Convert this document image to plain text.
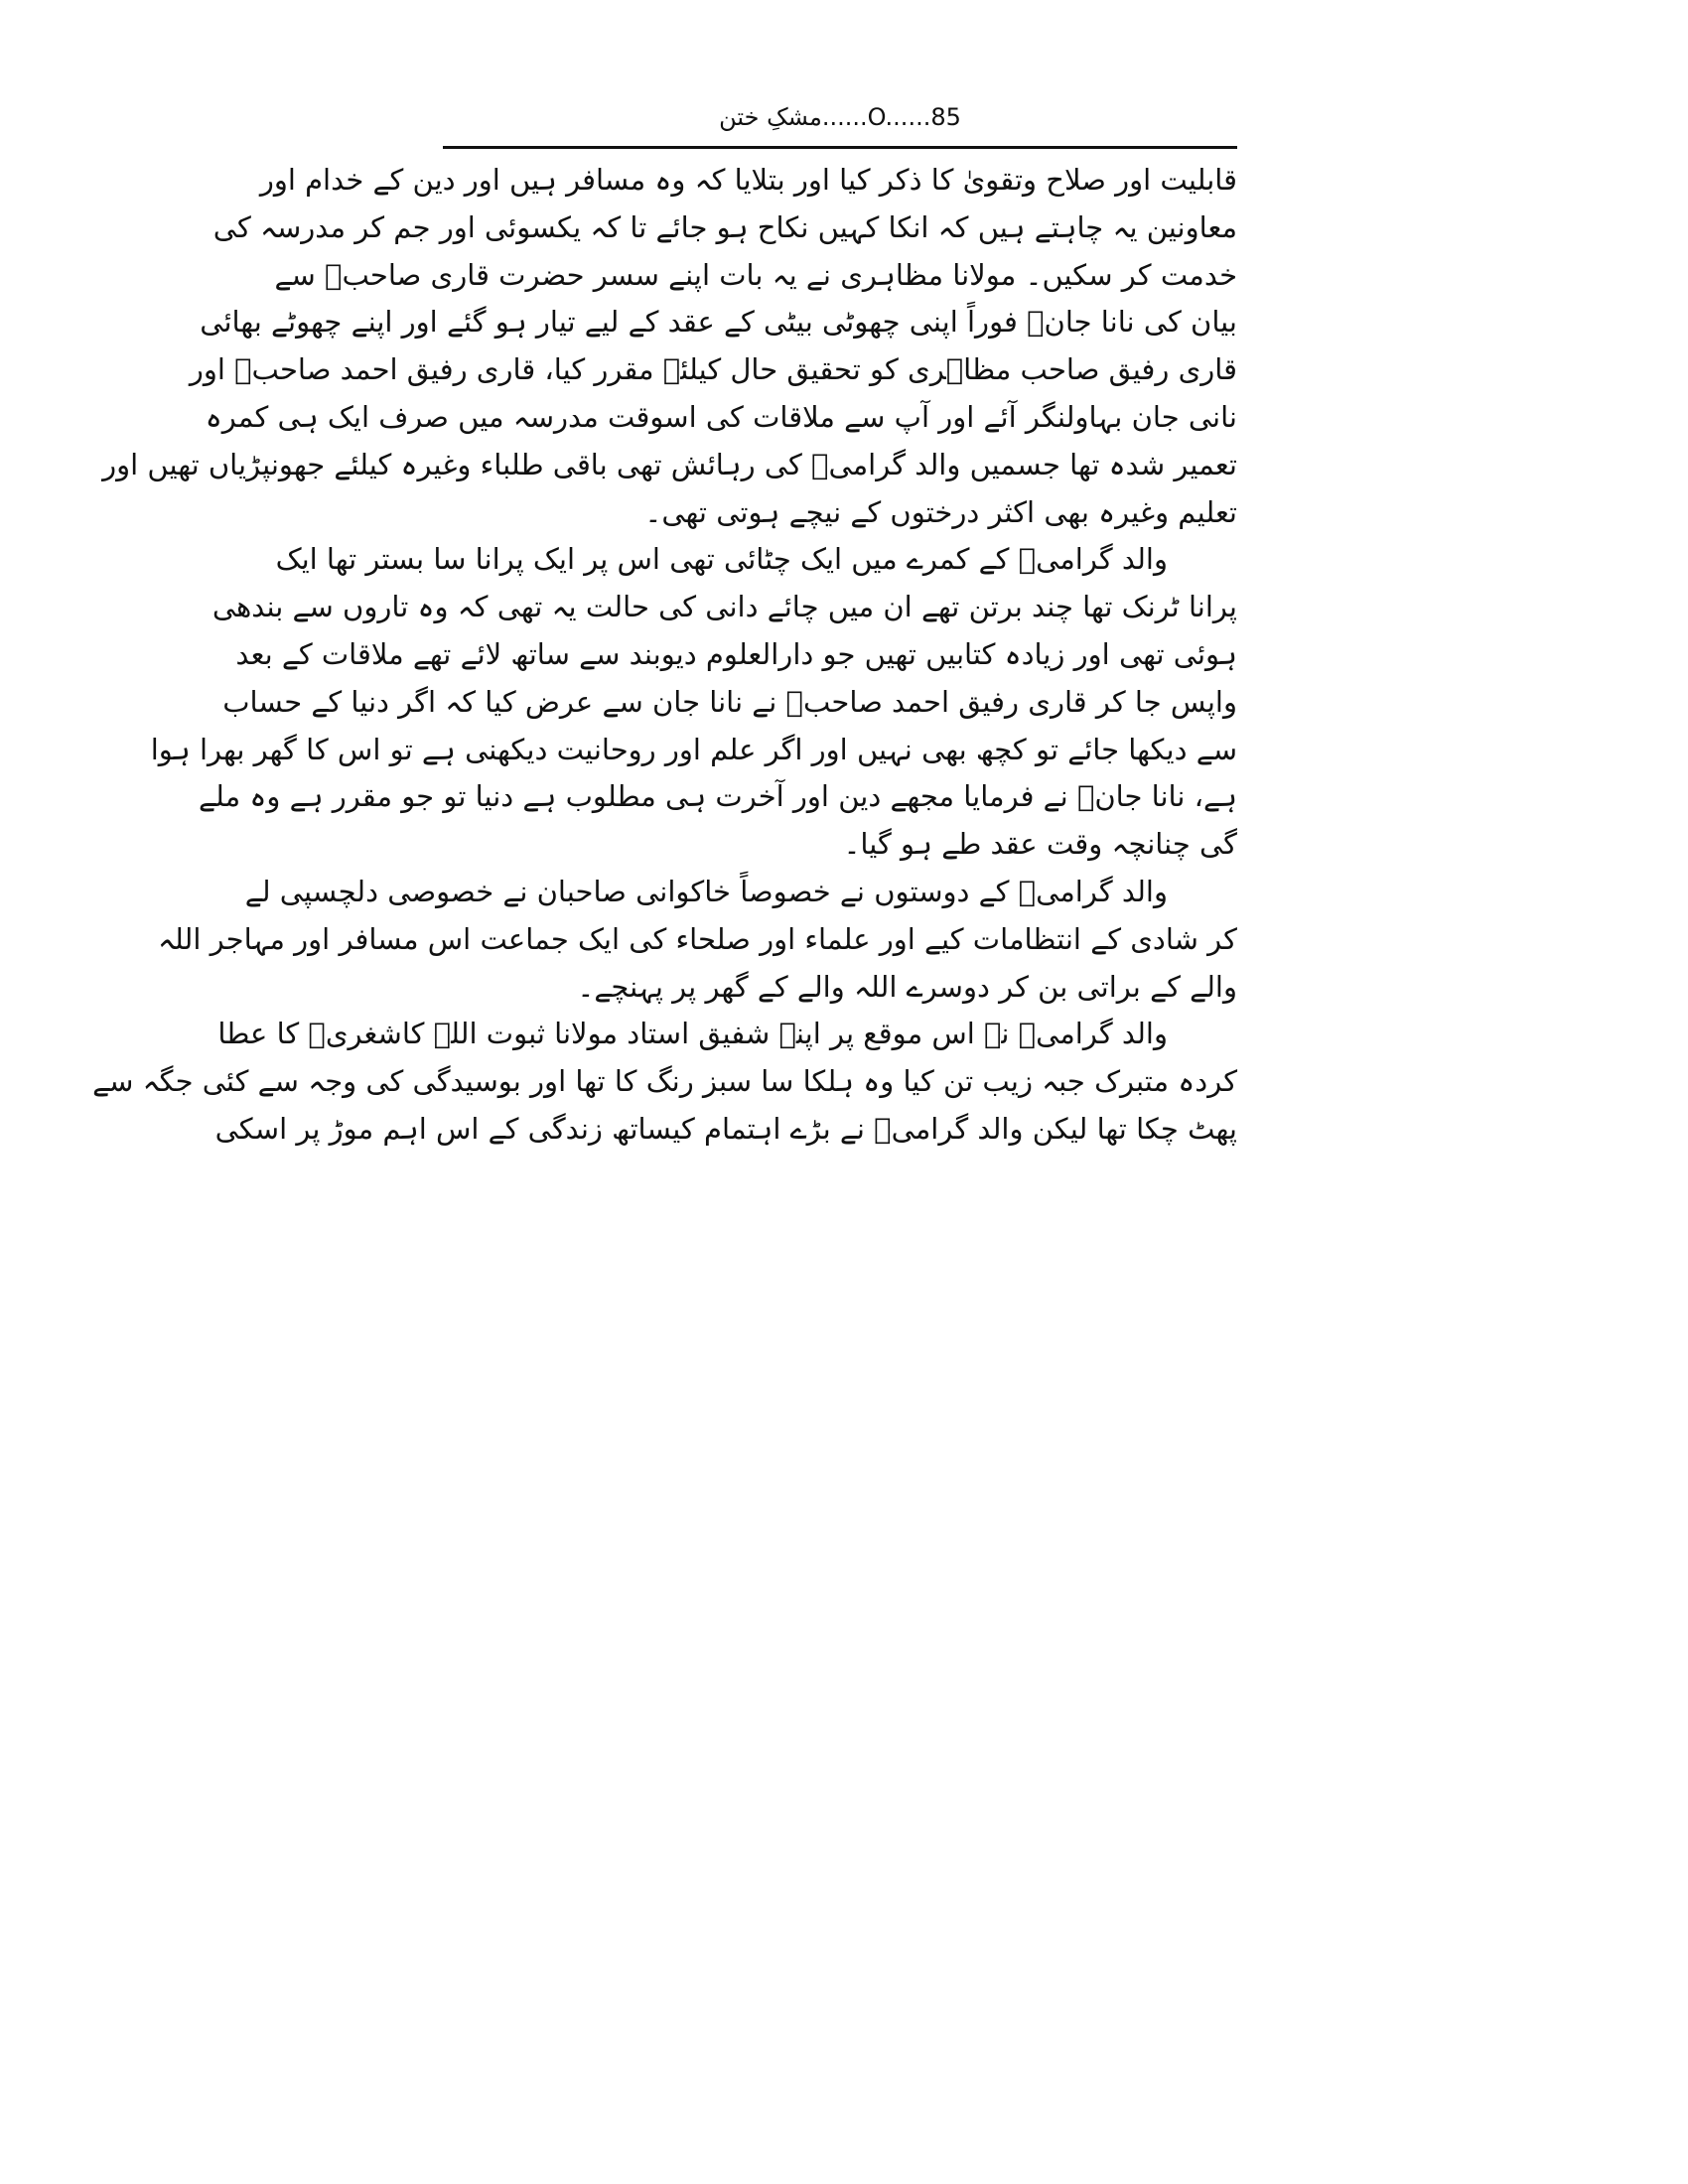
مشکِ ختن......O......85
قابلیت اور صلاح وتقویٰ کا ذکر کیا اور بتلایا کہ وہ مسافر ہیں اور دین کے خدام اور
معاونین یہ چاہتے ہیں کہ انکا کہیں نکاح ہو جائے تا کہ یکسوئی اور جم کر مدرسہ کی
خدمت کر سکیں۔ مولانا مظاہری نے یہ بات اپنے سسر حضرت قاری صاحبؒ سے
بیان کی نانا جانؒ فوراً اپنی چھوٹی بیٹی کے عقد کے لیے تیار ہو گئے اور اپنے چھوٹے بھائی
قاری رفیق صاحب مظاہری کو تحقیق حال کیلئے مقرر کیا، قاری رفیق احمد صاحبؒ اور
نانی جان بہاولنگر آئے اور آپ سے ملاقات کی اسوقت مدرسہ میں صرف ایک ہی کمرہ
تعمیر شدہ تھا جسمیں والد گرامیؒ کی رہائش تھی باقی طلباء وغیرہ کیلئے جھونپڑیاں تھیں اور
تعلیم وغیرہ بھی اکثر درختوں کے نیچے ہوتی تھی۔
والد گرامیؒ کے کمرے میں ایک چٹائی تھی اس پر ایک پرانا سا بستر تھا ایک
پرانا ٹرنک تھا چند برتن تھے ان میں چائے دانی کی حالت یہ تھی کہ وہ تاروں سے بندھی
ہوئی تھی اور زیادہ کتابیں تھیں جو دارالعلوم دیوبند سے ساتھ لائے تھے ملاقات کے بعد
واپس جا کر قاری رفیق احمد صاحبؒ نے نانا جان سے عرض کیا کہ اگر دنیا کے حساب
سے دیکھا جائے تو کچھ بھی نہیں اور اگر علم اور روحانیت دیکھنی ہے تو اس کا گھر بھرا ہوا
ہے، نانا جانؒ نے فرمایا مجھے دین اور آخرت ہی مطلوب ہے دنیا تو جو مقرر ہے وہ ملے
گی چنانچہ وقت عقد طے ہو گیا۔
والد گرامیؒ کے دوستوں نے خصوصاً خاکوانی صاحبان نے خصوصی دلچسپی لے
کر شادی کے انتظامات کیے اور علماء اور صلحاء کی ایک جماعت اس مسافر اور مہاجر اللہ
والے کے براتی بن کر دوسرے اللہ والے کے گھر پر پہنچے۔
والد گرامیؒ نے اس موقع پر اپنے شفیق استاد مولانا ثبوت اللہ کاشغریؒ کا عطا
کردہ متبرک جبہ زیب تن کیا وہ ہلکا سا سبز رنگ کا تھا اور بوسیدگی کی وجہ سے کئی جگہ سے
پھٹ چکا تھا لیکن والد گرامیؒ نے بڑے اہتمام کیساتھ زندگی کے اس اہم موڑ پر اسکی
